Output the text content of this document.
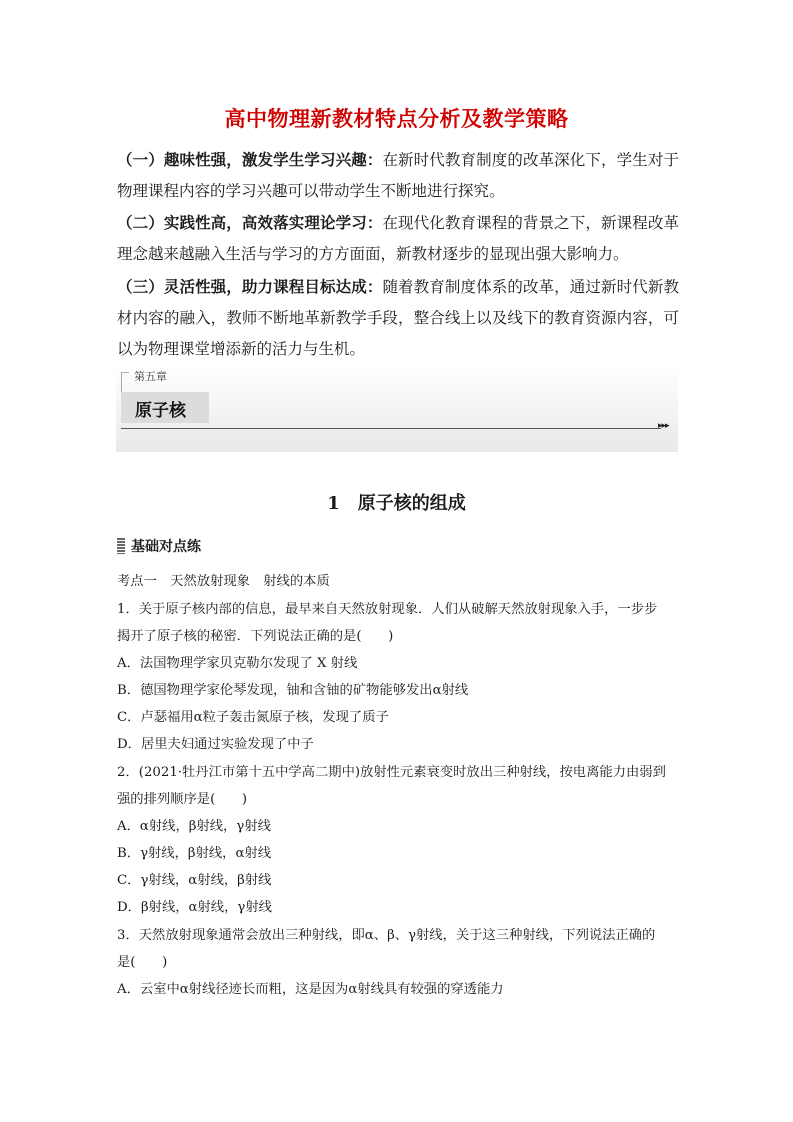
高中物理新教材特点分析及教学策略
（一）趣味性强，激发学生学习兴趣：在新时代教育制度的改革深化下，学生对于物理课程内容的学习兴趣可以带动学生不断地进行探究。
（二）实践性高，高效落实理论学习：在现代化教育课程的背景之下，新课程改革理念越来越融入生活与学习的方方面面，新教材逐步的显现出强大影响力。
（三）灵活性强，助力课程目标达成：随着教育制度体系的改革，通过新时代新教材内容的融入，教师不断地革新教学手段，整合线上以及线下的教育资源内容，可以为物理课堂增添新的活力与生机。
第五章
原子核
▸▸▸
1　原子核的组成
基础对点练
考点一　天然放射现象　射线的本质
1．关于原子核内部的信息，最早来自天然放射现象．人们从破解天然放射现象入手，一步步
揭开了原子核的秘密．下列说法正确的是(　　)
A．法国物理学家贝克勒尔发现了 X 射线
B．德国物理学家伦琴发现，铀和含铀的矿物能够发出α射线
C．卢瑟福用α粒子轰击氮原子核，发现了质子
D．居里夫妇通过实验发现了中子
2．(2021·牡丹江市第十五中学高二期中)放射性元素衰变时放出三种射线，按电离能力由弱到
强的排列顺序是(　　)
A．α射线，β射线，γ射线
B．γ射线，β射线，α射线
C．γ射线，α射线，β射线
D．β射线，α射线，γ射线
3．天然放射现象通常会放出三种射线，即α、β、γ射线，关于这三种射线，下列说法正确的
是(　　)
A．云室中α射线径迹长而粗，这是因为α射线具有较强的穿透能力
